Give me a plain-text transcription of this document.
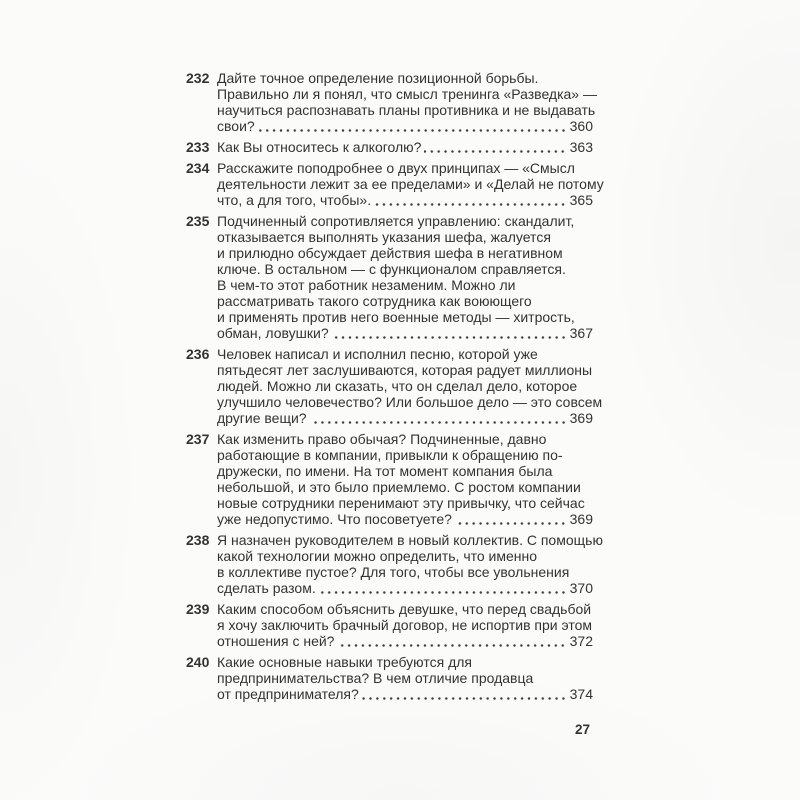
232 Дайте точное определение позиционной борьбы.
Правильно ли я понял, что смысл тренинга «Разведка» —
научиться распознавать планы противника и не выдавать
свои?	360
233 Как Вы относитесь к алкоголю?	363
234 Расскажите поподробнее о двух принципах — «Смысл
деятельности лежит за ее пределами» и «Делай не потому
что, а для того, чтобы».	365
235 Подчиненный сопротивляется управлению: скандалит,
отказывается выполнять указания шефа, жалуется
и прилюдно обсуждает действия шефа в негативном
ключе. В остальном — с функционалом справляется.
В чем-то этот работник незаменим. Можно ли
рассматривать такого сотрудника как воюющего
и применять против него военные методы — хитрость,
обман, ловушки?	367
236 Человек написал и исполнил песню, которой уже
пятьдесят лет заслушиваются, которая радует миллионы
людей. Можно ли сказать, что он сделал дело, которое
улучшило человечество? Или большое дело — это совсем
другие вещи?	369
237 Как изменить право обычая? Подчиненные, давно
работающие в компании, привыкли к обращению по-
дружески, по имени. На тот момент компания была
небольшой, и это было приемлемо. С ростом компании
новые сотрудники перенимают эту привычку, что сейчас
уже недопустимо. Что посоветуете?	369
238 Я назначен руководителем в новый коллектив. С помощью
какой технологии можно определить, что именно
в коллективе пустое? Для того, чтобы все увольнения
сделать разом.	370
239 Каким способом объяснить девушке, что перед свадьбой
я хочу заключить брачный договор, не испортив при этом
отношения с ней?	372
240 Какие основные навыки требуются для
предпринимательства? В чем отличие продавца
от предпринимателя?	374
27
